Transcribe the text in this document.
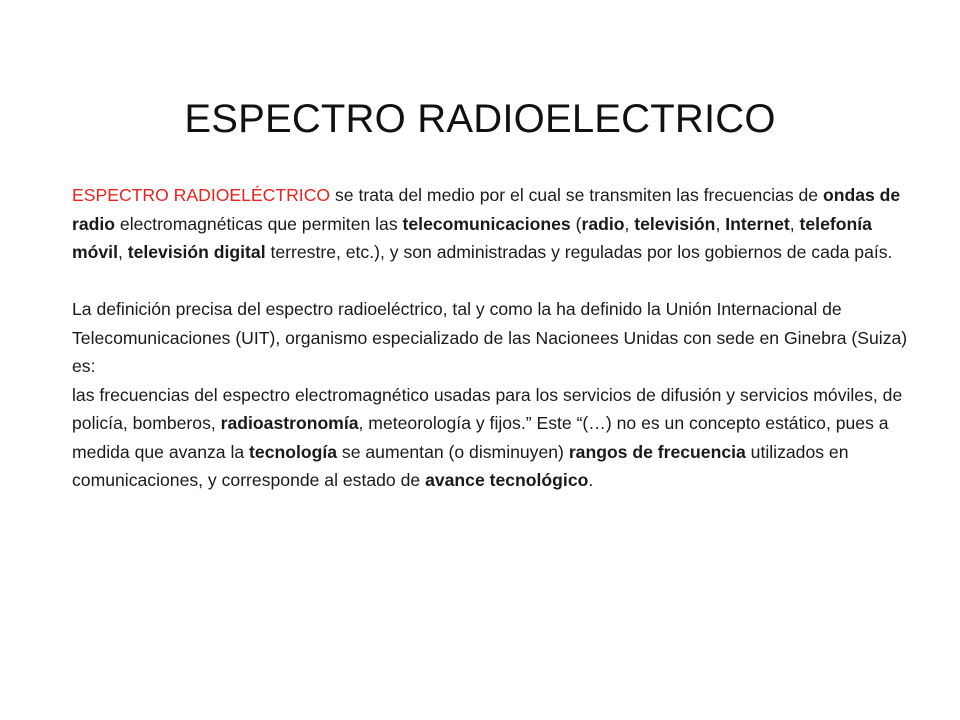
ESPECTRO RADIOELECTRICO

ESPECTRO RADIOELÉCTRICO se trata del medio por el cual se transmiten las frecuencias de ondas de radio electromagnéticas que permiten las telecomunicaciones (radio, televisión, Internet, telefonía móvil, televisión digital terrestre, etc.), y son administradas y reguladas por los gobiernos de cada país.

La definición precisa del espectro radioeléctrico, tal y como la ha definido la Unión Internacional de Telecomunicaciones (UIT), organismo especializado de las Nacionees Unidas con sede en Ginebra (Suiza) es:

las frecuencias del espectro electromagnético usadas para los servicios de difusión y servicios móviles, de policía, bomberos, radioastronomía, meteorología y fijos.” Este “(…) no es un concepto estático, pues a medida que avanza la tecnología se aumentan (o disminuyen) rangos de frecuencia utilizados en comunicaciones, y corresponde al estado de avance tecnológico.
